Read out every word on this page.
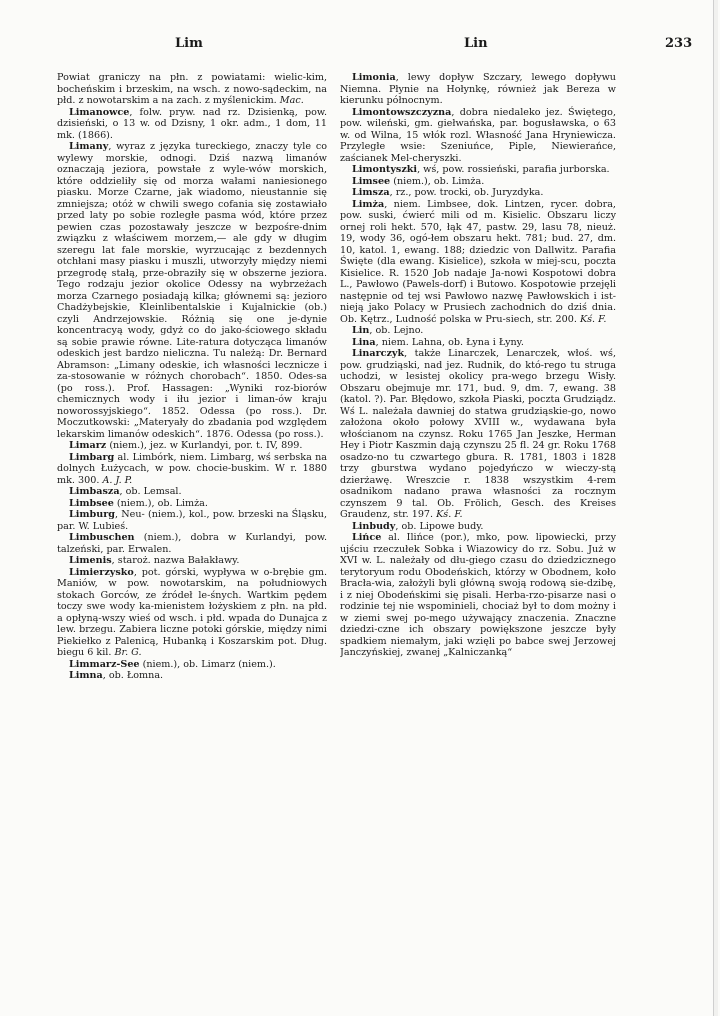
Lim	Lin	233

Powiat graniczy na płn. z powiatami: wielic-kim, bocheńskim i brzeskim, na wsch. z nowo-sądeckim, na płd. z nowotarskim a na zach. z myślenickim. Mac.

Limanowce, folw. pryw. nad rz. Dzisienką, pow. dzisieński, o 13 w. od Dzisny, 1 okr. adm., 1 dom, 11 mk. (1866).

Limany, wyraz z języka tureckiego, znaczy tyle co wylewy morskie, odnogi. Dziś nazwą limanów oznaczają jeziora, powstałe z wyle-wów morskich, które oddzieliły się od morza wałami naniesionego piasku. Morze Czarne, jak wiadomo, nieustannie się zmniejsza; otóż w chwili swego cofania się zostawiało przed laty po sobie rozległe pasma wód, które przez pewien czas pozostawały jeszcze w bezpośre-dnim związku z właściwem morzem,— ale gdy w długim szeregu lat fale morskie, wyrzucając z bezdennych otchłani masy piasku i muszli, utworzyły między niemi przegrodę stałą, prze-obraziły się w obszerne jeziora. Tego rodzaju jezior okolice Odessy na wybrzeżach morza Czarnego posiadają kilka; głównemi są: jezioro Chadżybejskie, Kleinlibentalskie i Kujalnickie (ob.) czyli Andrzejowskie. Różnią się one je-dynie koncentracyą wody, gdyż co do jako-ściowego składu są sobie prawie równe. Lite-ratura dotycząca limanów odeskich jest bardzo nieliczna. Tu należą: Dr. Bernard Abramson: „Limany odeskie, ich własności lecznicze i za-stosowanie w różnych chorobach“. 1850. Odes-sa (po ross.). Prof. Hassagen: „Wyniki roz-biorów chemicznych wody i iłu jezior i liman-ów kraju noworossyjskiego“. 1852. Odessa (po ross.). Dr. Moczutkowski: „Materyały do zbadania pod względem lekarskim limanów odeskich“. 1876. Odessa (po ross.).

Limarz (niem.), jez. w Kurlandyi, por. t. IV, 899.

Limbarg al. Limbórk, niem. Limbarg, wś serbska na dolnych Łużycach, w pow. chocie-buskim. W r. 1880 mk. 300. A. J. P.

Limbasza, ob. Lemsal.

Limbsee (niem.), ob. Limża.

Limburg, Neu- (niem.), kol., pow. brzeski na Śląsku, par. W. Lubieś.

Limbuschen (niem.), dobra w Kurlandyi, pow. talzeński, par. Erwalen.

Limenis, staroż. nazwa Bałakławy.

Limierzysko, pot. górski, wypływa w o-brębie gm. Maniów, w pow. nowotarskim, na południowych stokach Gorców, ze źródeł le-śnych. Wartkim pędem toczy swe wody ka-mienistem łożyskiem z płn. na płd. a opłyną-wszy wieś od wsch. i płd. wpada do Dunajca z lew. brzegu. Zabiera liczne potoki górskie, między nimi Piekiełko z Palenicą, Hubanką i Koszarskim pot. Dług. biegu 6 kil. Br. G.

Limmarz-See (niem.), ob. Limarz (niem.).

Limna, ob. Łomna.

Limonia, lewy dopływ Szczary, lewego dopływu Niemna. Płynie na Hołynkę, również jak Bereza w kierunku północnym.

Limontowszczyzna, dobra niedaleko jez. Świętego, pow. wileński, gm. giełwańska, par. bogusławska, o 63 w. od Wilna, 15 włók rozl. Własność Jana Hryniewicza. Przyległe wsie: Szeniuńce, Piple, Niewierańce, zaścianek Mel-cheryszki.

Limontyszki, wś, pow. rossieński, parafia jurborska.

Limsee (niem.), ob. Limża.

Limsza, rz., pow. trocki, ob. Juryzdyka.

Limża, niem. Limbsee, dok. Lintzen, rycer. dobra, pow. suski, ćwierć mili od m. Kisielic. Obszaru liczy ornej roli hekt. 570, łąk 47, pastw. 29, lasu 78, nieuż. 19, wody 36, ogó-łem obszaru hekt. 781; bud. 27, dm. 10, katol. 1, ewang. 188; dziedzic von Dallwitz. Parafia Święte (dla ewang. Kisielice), szkoła w miej-scu, poczta Kisielice. R. 1520 Job nadaje Ja-nowi Kospotowi dobra L., Pawłowo (Pawels-dorf) i Butowo. Kospotowie przejęli następnie od tej wsi Pawłowo nazwę Pawłowskich i ist-nieją jako Polacy w Prusiech zachodnich do dziś dnia. Ob. Kętrz., Ludność polska w Pru-siech, str. 200. Kś. F.

Lin, ob. Lejno.

Lina, niem. Lahna, ob. Łyna i Łyny.

Linarczyk, także Linarczek, Lenarczek, włoś. wś, pow. grudziąski, nad jez. Rudnik, do któ-rego tu struga uchodzi, w lesistej okolicy pra-wego brzegu Wisły. Obszaru obejmuje mr. 171, bud. 9, dm. 7, ewang. 38 (katol. ?). Par. Błędowo, szkoła Piaski, poczta Grudziądz. Wś L. należała dawniej do statwa grudziąskie-go, nowo założona około połowy XVIII w., wydawana była włościanom na czynsz. Roku 1765 Jan Jeszke, Herman Hey i Piotr Kaszmin dają czynszu 25 fl. 24 gr. Roku 1768 osadzo-no tu czwartego gbura. R. 1781, 1803 i 1828 trzy gburstwa wydano pojedyńczo w wieczy-stą dzierżawę. Wreszcie r. 1838 wszystkim 4-rem osadnikom nadano prawa własności za rocznym czynszem 9 tal. Ob. Frölich, Gesch. des Kreises Graudenz, str. 197. Kś. F.

Linbudy, ob. Lipowe budy.

Lińce al. Ilińce (por.), mko, pow. lipowiecki, przy ujściu rzeczułek Sobka i Wiazowicy do rz. Sobu. Już w XVI w. L. należały od dłu-giego czasu do dziedzicznego terytoryum rodu Obodeńskich, którzy w Obodnem, koło Bracła-wia, założyli byli główną swoją rodową sie-dzibę, i z niej Obodeńskimi się pisali. Herba-rzo-pisarze nasi o rodzinie tej nie wspominieli, chociaż był to dom możny i w ziemi swej po-mego używający znaczenia. Znaczne dziedzi-czne ich obszary powiększone jeszcze były spadkiem niemałym, jaki wzięli po babce swej Jerzowej Janczyńskiej, zwanej „Kalniczanką“
